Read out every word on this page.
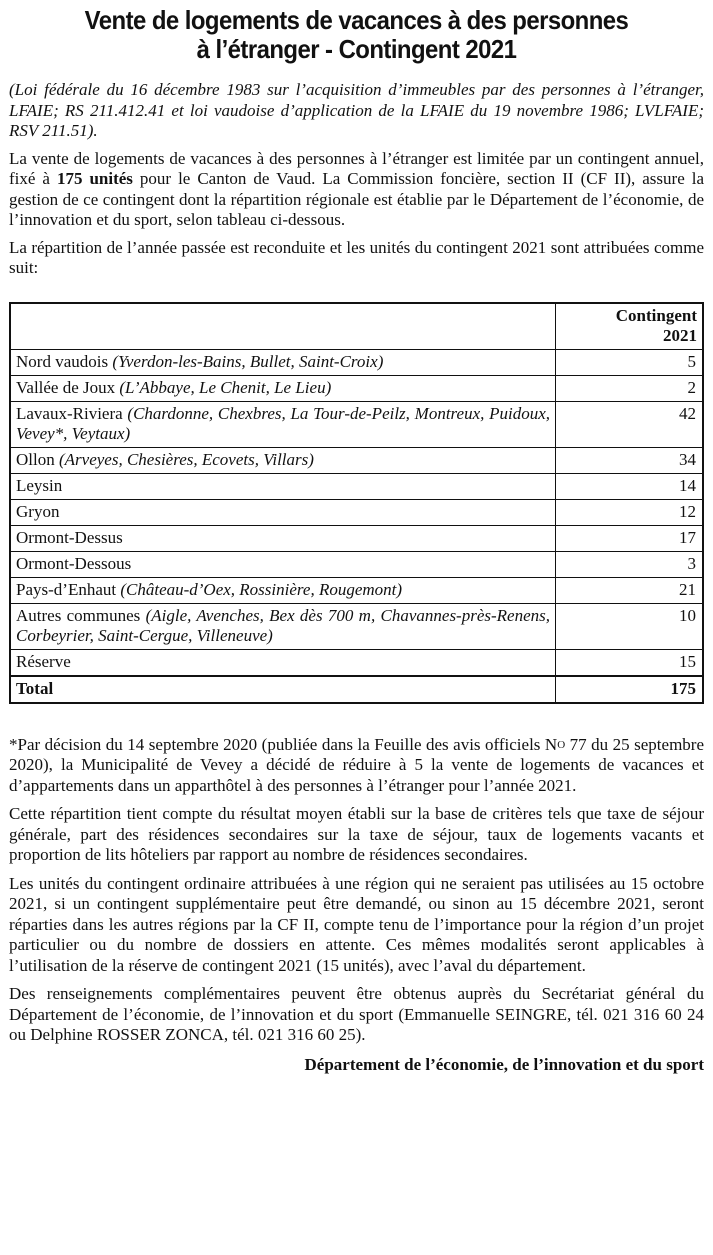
Vente de logements de vacances à des personnes
à l’étranger - Contingent 2021

(Loi fédérale du 16 décembre 1983 sur l’acquisition d’immeubles par des personnes à l’étranger, LFAIE; RS 211.412.41 et loi vaudoise d’application de la LFAIE du 19 novembre 1986; LVLFAIE; RSV 211.51).

La vente de logements de vacances à des personnes à l’étranger est limitée par un contingent annuel, fixé à 175 unités pour le Canton de Vaud. La Commission foncière, section II (CF II), assure la gestion de ce contingent dont la répartition régionale est établie par le Département de l’économie, de l’innovation et du sport, selon tableau ci-dessous.

La répartition de l’année passée est reconduite et les unités du contingent 2021 sont attribuées comme suit:

	Contingent
2021
Nord vaudois (Yverdon-les-Bains, Bullet, Saint-Croix)	5
Vallée de Joux (L’Abbaye, Le Chenit, Le Lieu)	2
Lavaux-Riviera (Chardonne, Chexbres, La Tour-de-Peilz, Montreux, Puidoux, Vevey*, Veytaux)	42
Ollon (Arveyes, Chesières, Ecovets, Villars)	34
Leysin	14
Gryon	12
Ormont-Dessus	17
Ormont-Dessous	3
Pays-d’Enhaut (Château-d’Oex, Rossinière, Rougemont)	21
Autres communes (Aigle, Avenches, Bex dès 700 m, Chavannes-près-Renens, Corbeyrier, Saint-Cergue, Villeneuve)	10
Réserve	15
Total	175

*Par décision du 14 septembre 2020 (publiée dans la Feuille des avis officiels $N^O$ 77 du 25 septembre 2020), la Municipalité de Vevey a décidé de réduire à 5 la vente de logements de vacances et d’appartements dans un apparthôtel à des personnes à l’étranger pour l’année 2021.

Cette répartition tient compte du résultat moyen établi sur la base de critères tels que taxe de séjour générale, part des résidences secondaires sur la taxe de séjour, taux de logements vacants et proportion de lits hôteliers par rapport au nombre de résidences secondaires.

Les unités du contingent ordinaire attribuées à une région qui ne seraient pas utilisées au 15 octobre 2021, si un contingent supplémentaire peut être demandé, ou sinon au 15 décembre 2021, seront réparties dans les autres régions par la CF II, compte tenu de l’importance pour la région d’un projet particulier ou du nombre de dossiers en attente. Ces mêmes modalités seront applicables à l’utilisation de la réserve de contingent 2021 (15 unités), avec l’aval du département.

Des renseignements complémentaires peuvent être obtenus auprès du Secrétariat général du Département de l’économie, de l’innovation et du sport (Emmanuelle SEINGRE, tél. 021 316 60 24 ou Delphine ROSSER ZONCA, tél. 021 316 60 25).

Département de l’économie, de l’innovation et du sport
